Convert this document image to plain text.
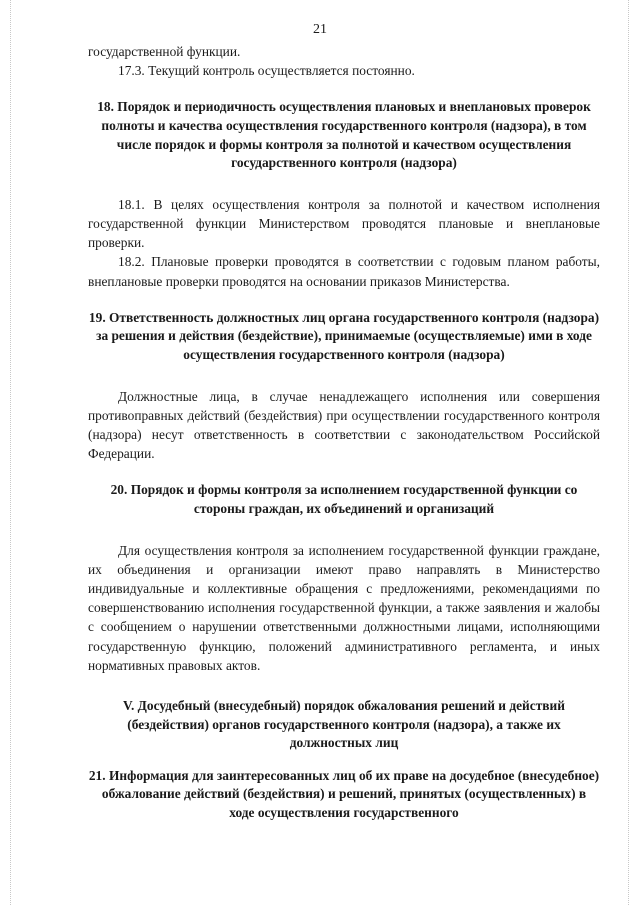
21

государственной функции.

17.3. Текущий контроль осуществляется постоянно.

18. Порядок и периодичность осуществления плановых и внеплановых проверок полноты и качества осуществления государственного контроля (надзора), в том числе порядок и формы контроля за полнотой и качеством осуществления государственного контроля (надзора)

18.1. В целях осуществления контроля за полнотой и качеством исполнения государственной функции Министерством проводятся плановые и внеплановые проверки.

18.2. Плановые проверки проводятся в соответствии с годовым планом работы, внеплановые проверки проводятся на основании приказов Министерства.

19. Ответственность должностных лиц органа государственного контроля (надзора) за решения и действия (бездействие), принимаемые (осуществляемые) ими в ходе осуществления государственного контроля (надзора)

Должностные лица, в случае ненадлежащего исполнения или совершения противоправных действий (бездействия) при осуществлении государственного контроля (надзора) несут ответственность в соответствии с законодательством Российской Федерации.

20. Порядок и формы контроля за исполнением государственной функции со стороны граждан, их объединений и организаций

Для осуществления контроля за исполнением государственной функции граждане, их объединения и организации имеют право направлять в Министерство индивидуальные и коллективные обращения с предложениями, рекомендациями по совершенствованию исполнения государственной функции, а также заявления и жалобы с сообщением о нарушении ответственными должностными лицами, исполняющими государственную функцию, положений административного регламента, и иных нормативных правовых актов.

V. Досудебный (внесудебный) порядок обжалования решений и действий (бездействия) органов государственного контроля (надзора), а также их должностных лиц

21. Информация для заинтересованных лиц об их праве на досудебное (внесудебное) обжалование действий (бездействия) и решений, принятых (осуществленных) в ходе осуществления государственного
